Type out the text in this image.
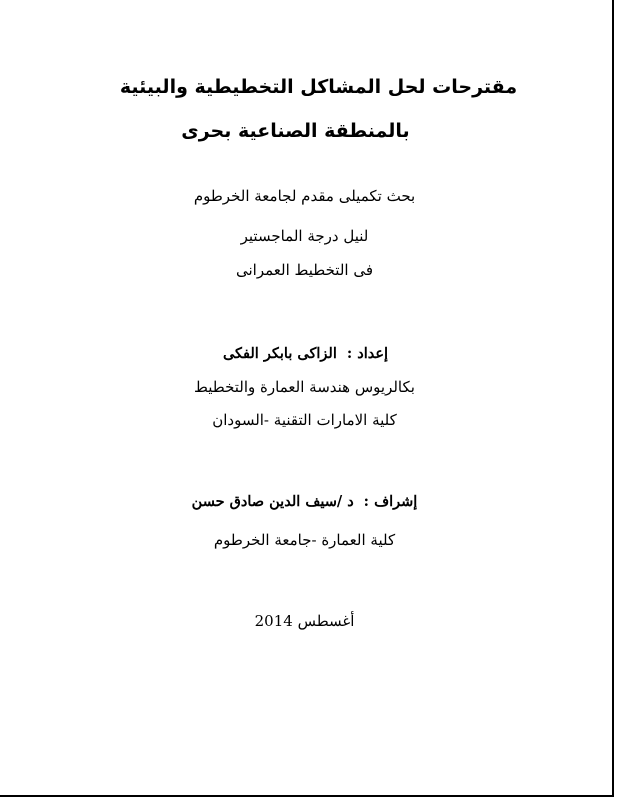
مقترحات لحل المشاكل التخطيطية والبيئية
بالمنطقة الصناعية بحرى
بحث تكميلى مقدم لجامعة الخرطوم
لنيل درجة الماجستير
فى التخطيط العمرانى
إعداد :الزاكى بابكر الفكى
بكالريوس هندسة العمارة والتخطيط
كلية الامارات التقنية -السودان
إشراف :د /سيف الدين صادق حسن
كلية العمارة -جامعة الخرطوم
أغسطس 2014
